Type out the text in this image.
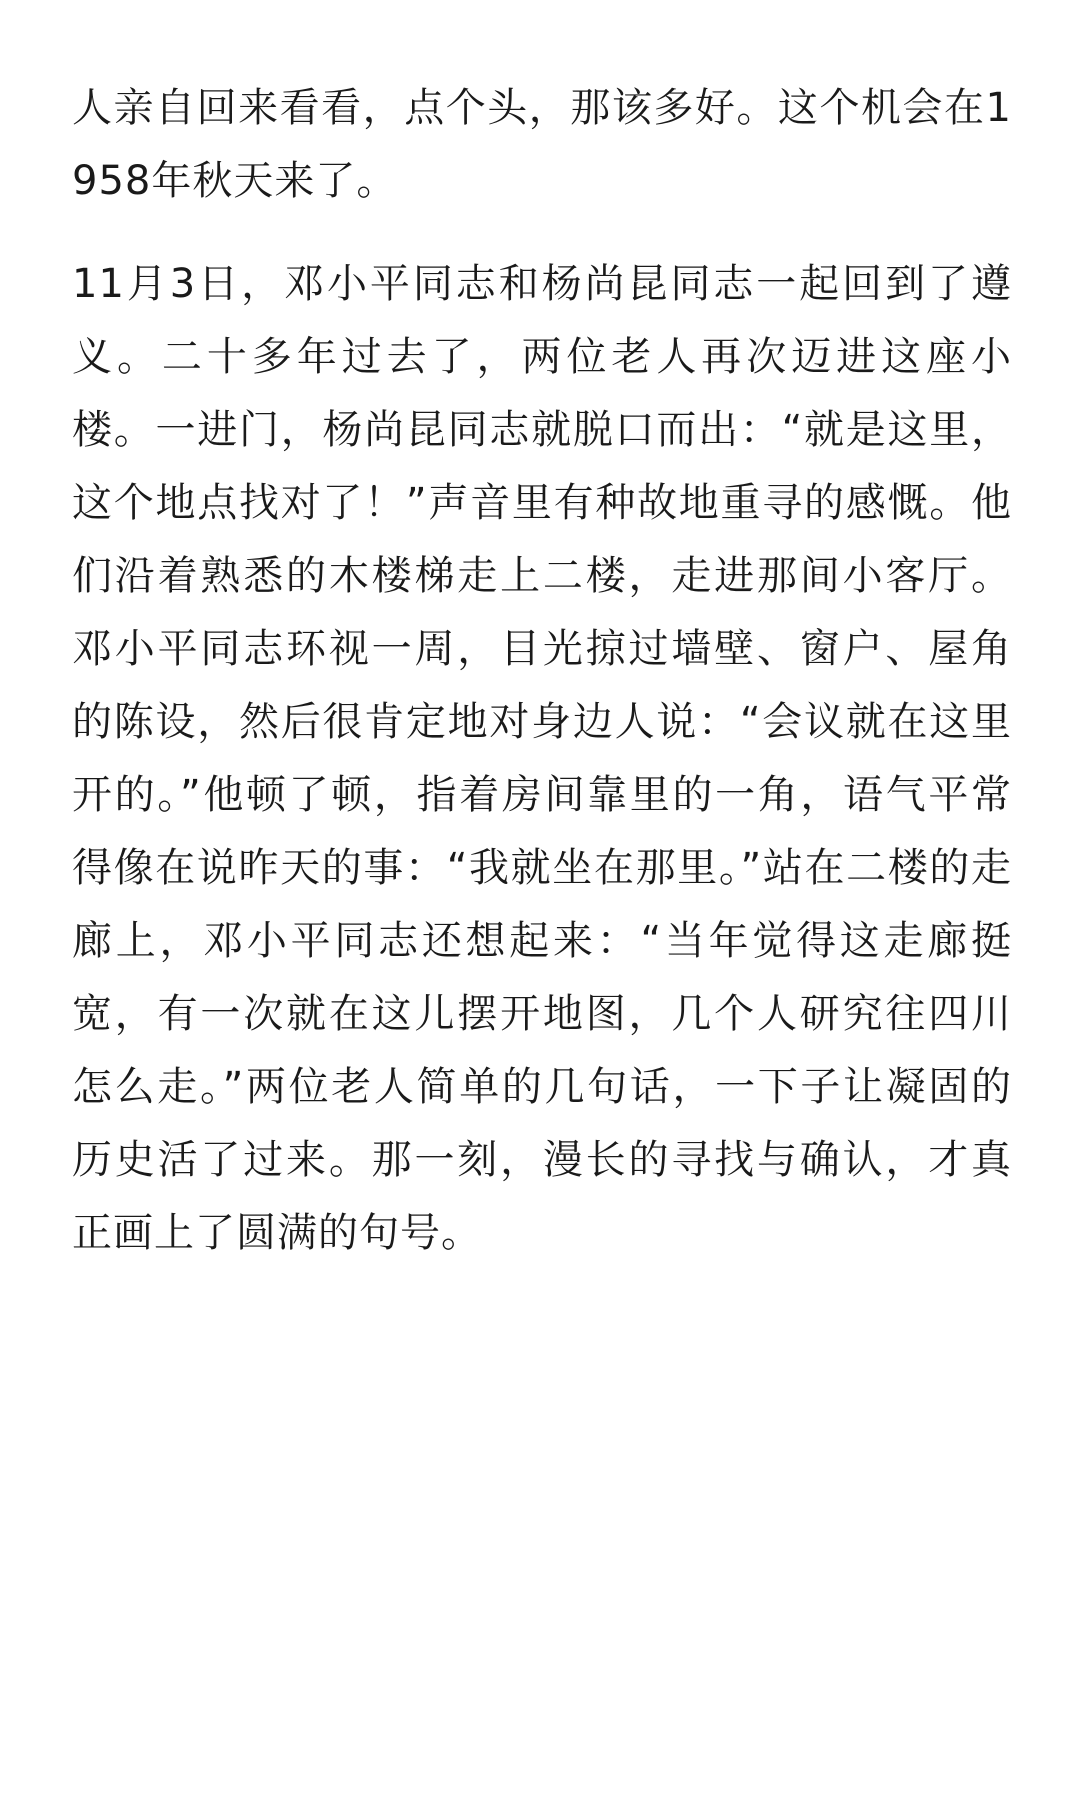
人亲自回来看看，点个头，那该多好。这个机会在1958年秋天来了。

11月3日，邓小平同志和杨尚昆同志一起回到了遵义。二十多年过去了，两位老人再次迈进这座小楼。一进门，杨尚昆同志就脱口而出：“就是这里，这个地点找对了！”声音里有种故地重寻的感慨。他们沿着熟悉的木楼梯走上二楼，走进那间小客厅。邓小平同志环视一周，目光掠过墙壁、窗户、屋角的陈设，然后很肯定地对身边人说：“会议就在这里开的。”他顿了顿，指着房间靠里的一角，语气平常得像在说昨天的事：“我就坐在那里。”站在二楼的走廊上，邓小平同志还想起来：“当年觉得这走廊挺宽，有一次就在这儿摆开地图，几个人研究往四川怎么走。”两位老人简单的几句话，一下子让凝固的历史活了过来。那一刻，漫长的寻找与确认，才真正画上了圆满的句号。
